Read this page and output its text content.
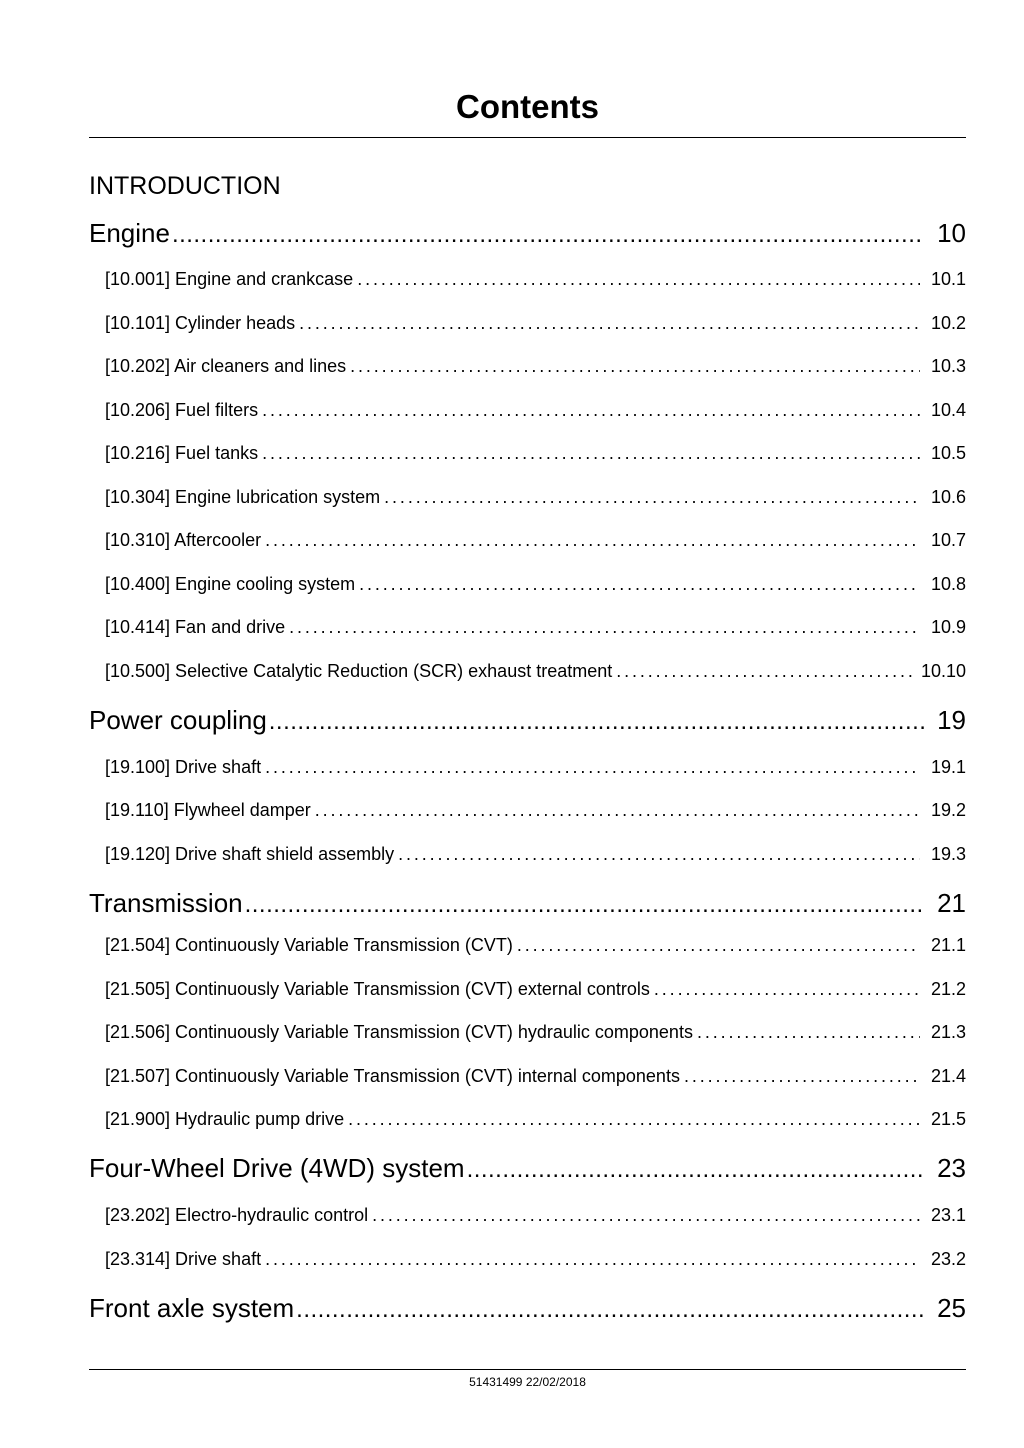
Contents
INTRODUCTION
Engine .....	10
[10.001] Engine and crankcase .....	10.1
[10.101] Cylinder heads .....	10.2
[10.202] Air cleaners and lines .....	10.3
[10.206] Fuel filters .....	10.4
[10.216] Fuel tanks .....	10.5
[10.304] Engine lubrication system .....	10.6
[10.310] Aftercooler .....	10.7
[10.400] Engine cooling system .....	10.8
[10.414] Fan and drive .....	10.9
[10.500] Selective Catalytic Reduction (SCR) exhaust treatment .....	10.10
Power coupling .....	19
[19.100] Drive shaft .....	19.1
[19.110] Flywheel damper .....	19.2
[19.120] Drive shaft shield assembly .....	19.3
Transmission .....	21
[21.504] Continuously Variable Transmission (CVT) .....	21.1
[21.505] Continuously Variable Transmission (CVT) external controls .....	21.2
[21.506] Continuously Variable Transmission (CVT) hydraulic components .....	21.3
[21.507] Continuously Variable Transmission (CVT) internal components .....	21.4
[21.900] Hydraulic pump drive .....	21.5
Four-Wheel Drive (4WD) system .....	23
[23.202] Electro-hydraulic control .....	23.1
[23.314] Drive shaft .....	23.2
Front axle system .....	25
51431499 22/02/2018
